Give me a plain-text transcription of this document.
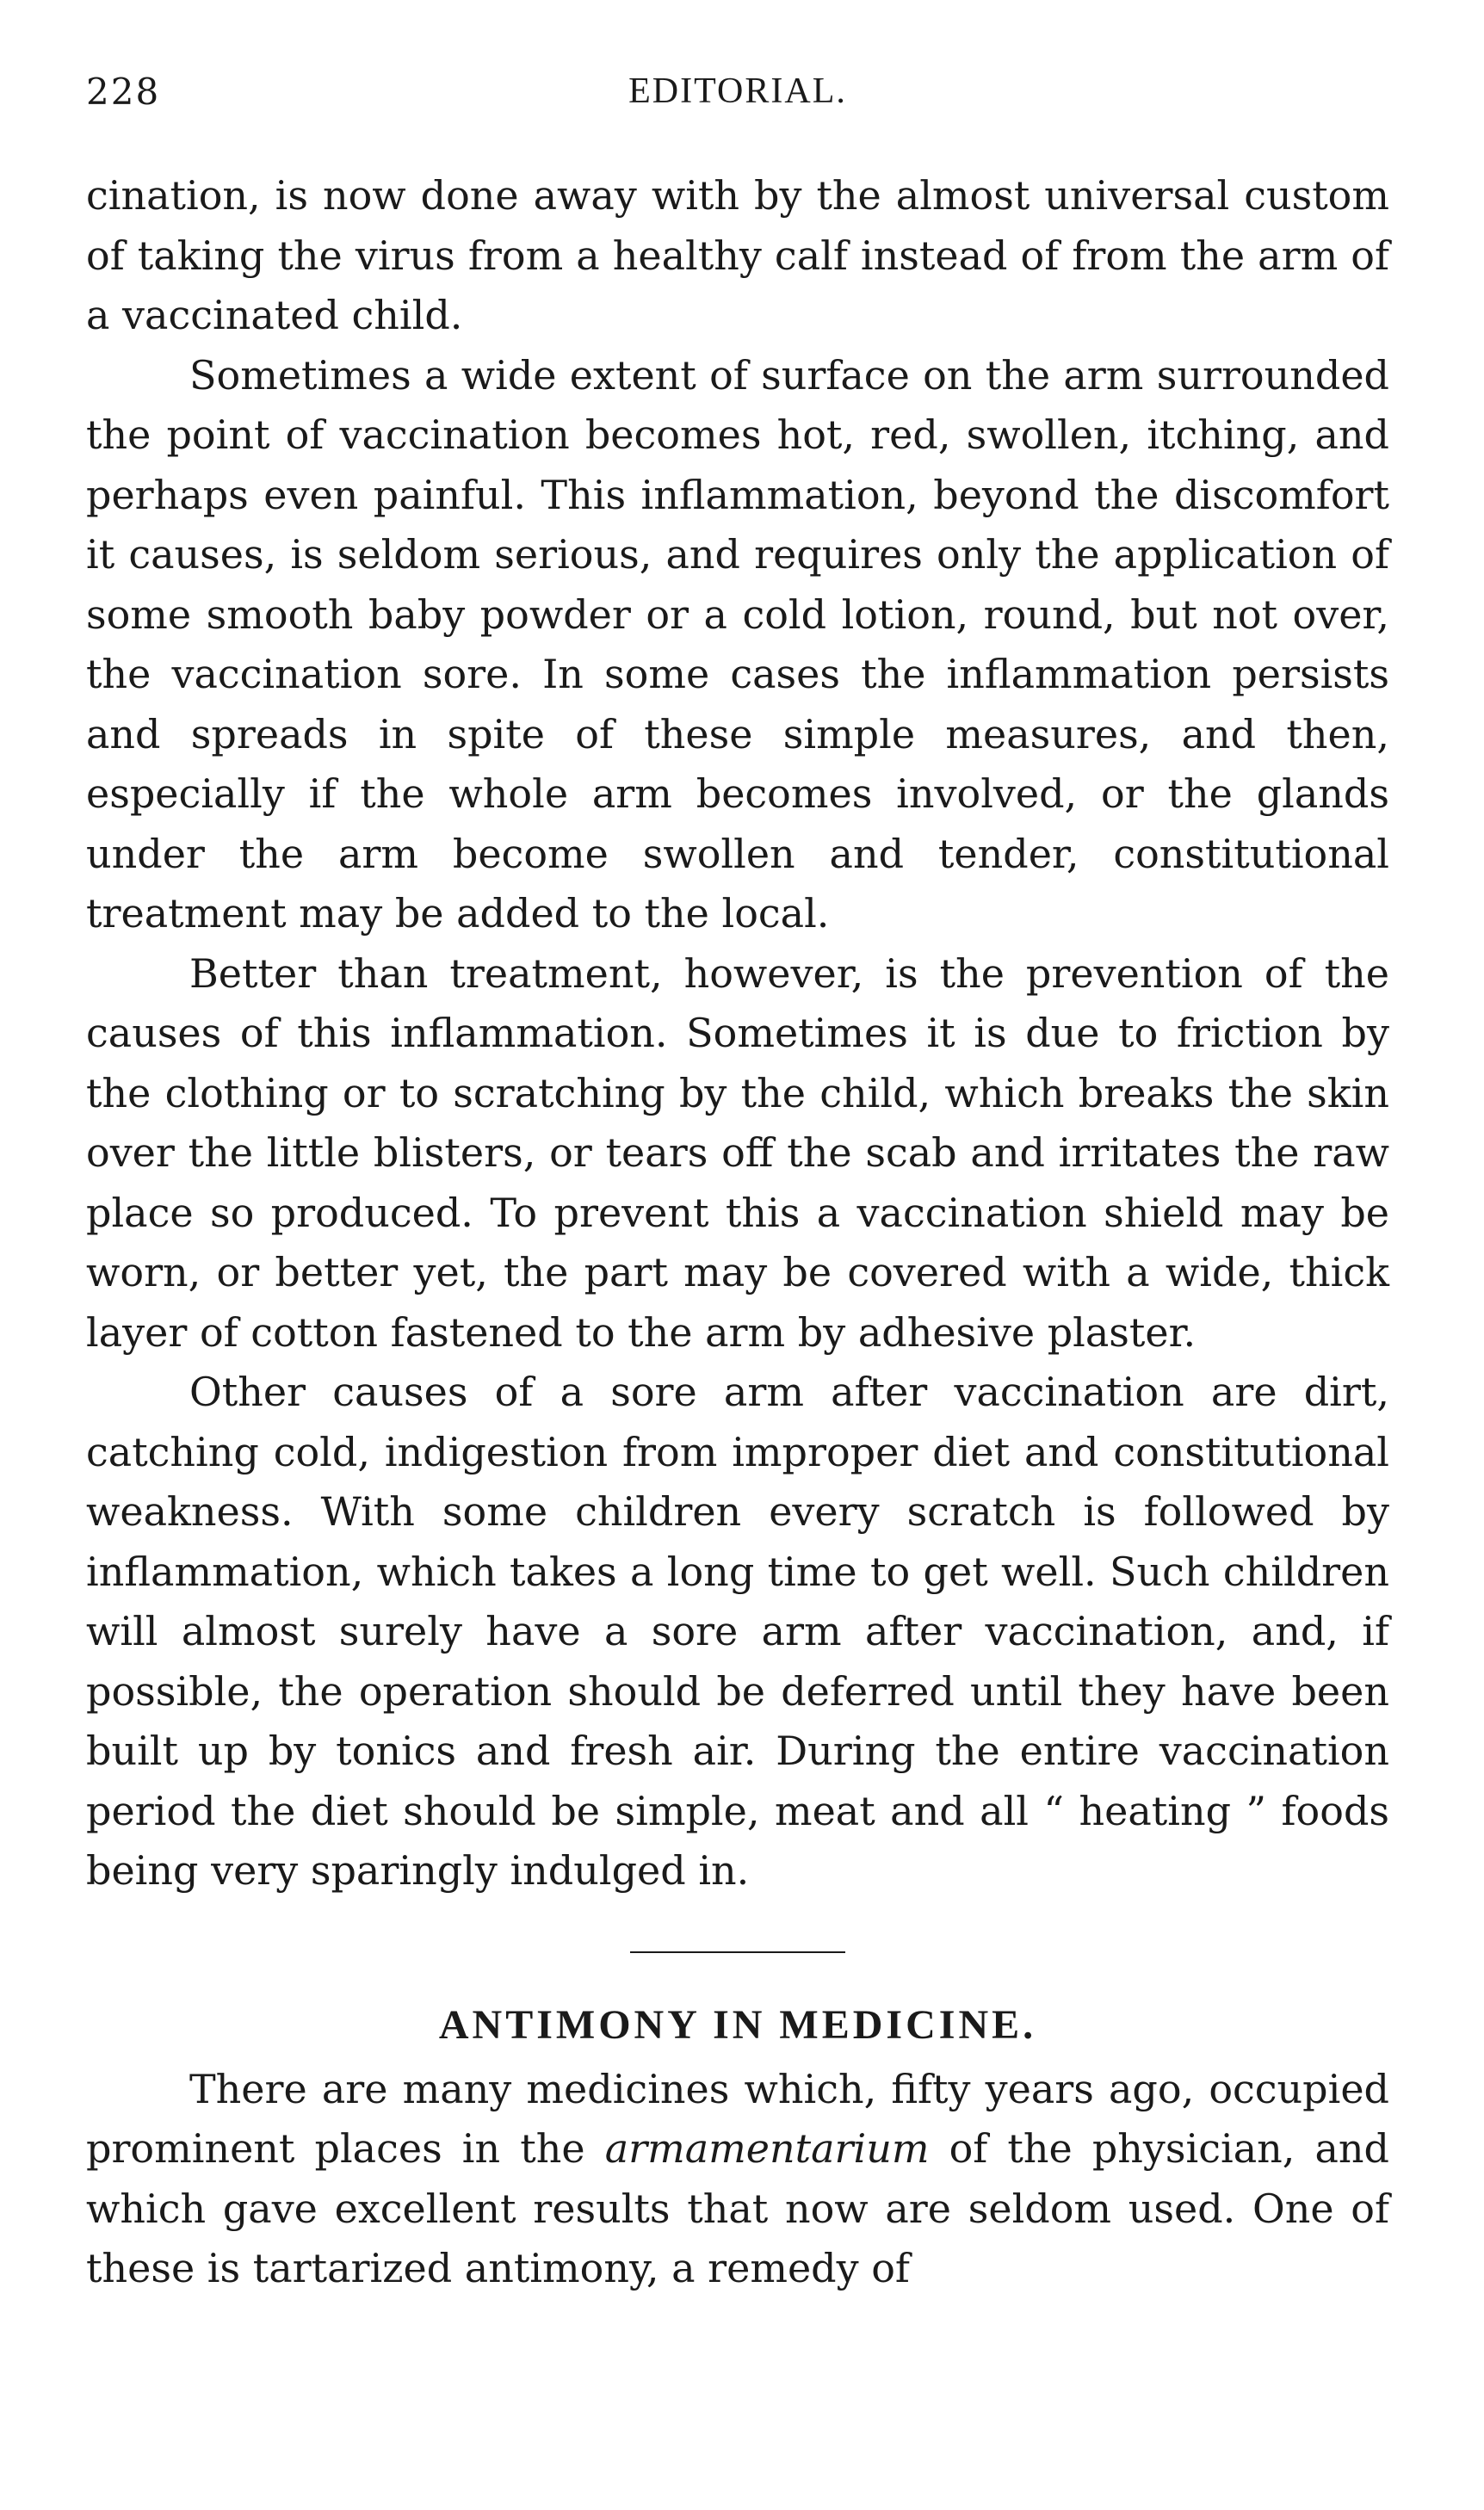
228	EDITORIAL.

cination, is now done away with by the almost universal custom of taking the virus from a healthy calf instead of from the arm of a vaccinated child.

Sometimes a wide extent of surface on the arm surrounded the point of vaccination becomes hot, red, swollen, itching, and perhaps even painful. This inflammation, beyond the discomfort it causes, is seldom serious, and requires only the application of some smooth baby powder or a cold lotion, round, but not over, the vaccination sore. In some cases the inflammation persists and spreads in spite of these simple measures, and then, especially if the whole arm becomes involved, or the glands under the arm become swollen and tender, constitutional treatment may be added to the local.

Better than treatment, however, is the prevention of the causes of this inflammation. Sometimes it is due to friction by the clothing or to scratching by the child, which breaks the skin over the little blisters, or tears off the scab and irritates the raw place so produced. To prevent this a vaccination shield may be worn, or better yet, the part may be covered with a wide, thick layer of cotton fastened to the arm by adhesive plaster.

Other causes of a sore arm after vaccination are dirt, catching cold, indigestion from improper diet and constitutional weakness. With some children every scratch is followed by inflammation, which takes a long time to get well. Such children will almost surely have a sore arm after vaccination, and, if possible, the operation should be deferred until they have been built up by tonics and fresh air. During the entire vaccination period the diet should be simple, meat and all “ heating ” foods being very sparingly indulged in.

ANTIMONY IN MEDICINE.

There are many medicines which, fifty years ago, occupied prominent places in the armamentarium of the physician, and which gave excellent results that now are seldom used. One of these is tartarized antimony, a remedy of
